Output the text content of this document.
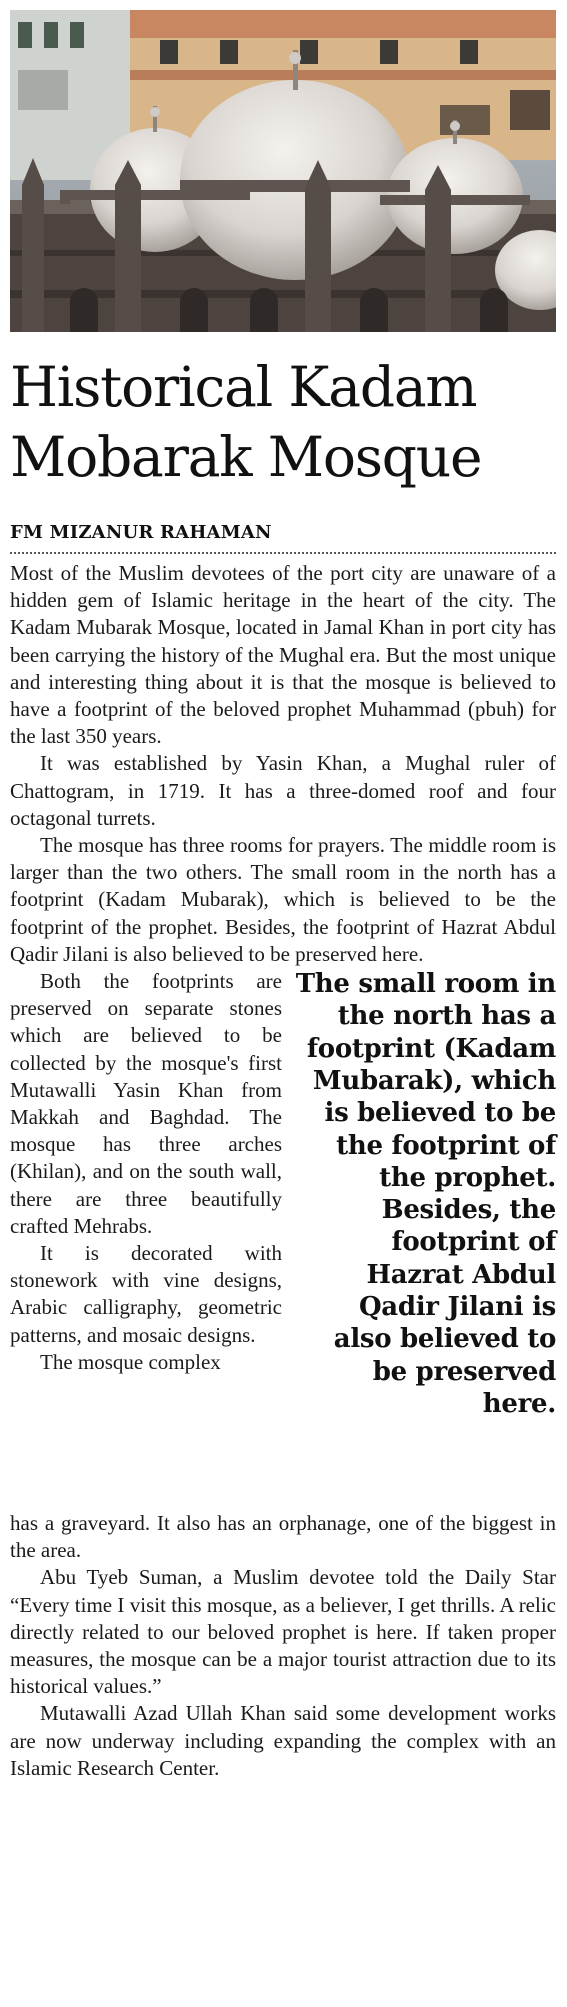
Historical Kadam
Mobarak Mosque
FM MIZANUR RAHAMAN

Most of the Muslim devotees of the port city are unaware of a hidden gem of Islamic heritage in the heart of the city. The Kadam Mubarak Mosque, located in Jamal Khan in port city has been carrying the history of the Mughal era. But the most unique and interesting thing about it is that the mosque is believed to have a footprint of the beloved prophet Muhammad (pbuh) for the last 350 years.

It was established by Yasin Khan, a Mughal ruler of Chattogram, in 1719. It has a three-domed roof and four octagonal turrets.

The mosque has three rooms for prayers. The middle room is larger than the two others. The small room in the north has a footprint (Kadam Mubarak), which is believed to be the footprint of the prophet. Besides, the footprint of Hazrat Abdul Qadir Jilani is also believed to be preserved here.

Both the footprints are preserved on separate stones which are believed to be collected by the mosque's first Mutawalli Yasin Khan from Makkah and Baghdad. The mosque has three arches (Khilan), and on the south wall, there are three beautifully crafted Mehrabs.

It is decorated with stonework with vine designs, Arabic calligraphy, geometric patterns, and mosaic designs.

The mosque complex

The small room in the north has a footprint (Kadam Mubarak), which is believed to be the footprint of the prophet. Besides, the footprint of Hazrat Abdul Qadir Jilani is also believed to be preserved here.

has a graveyard. It also has an orphanage, one of the biggest in the area.

Abu Tyeb Suman, a Muslim devotee told the Daily Star “Every time I visit this mosque, as a believer, I get thrills. A relic directly related to our beloved prophet is here. If taken proper measures, the mosque can be a major tourist attraction due to its historical values.”

Mutawalli Azad Ullah Khan said some development works are now underway including expanding the complex with an Islamic Research Center.
